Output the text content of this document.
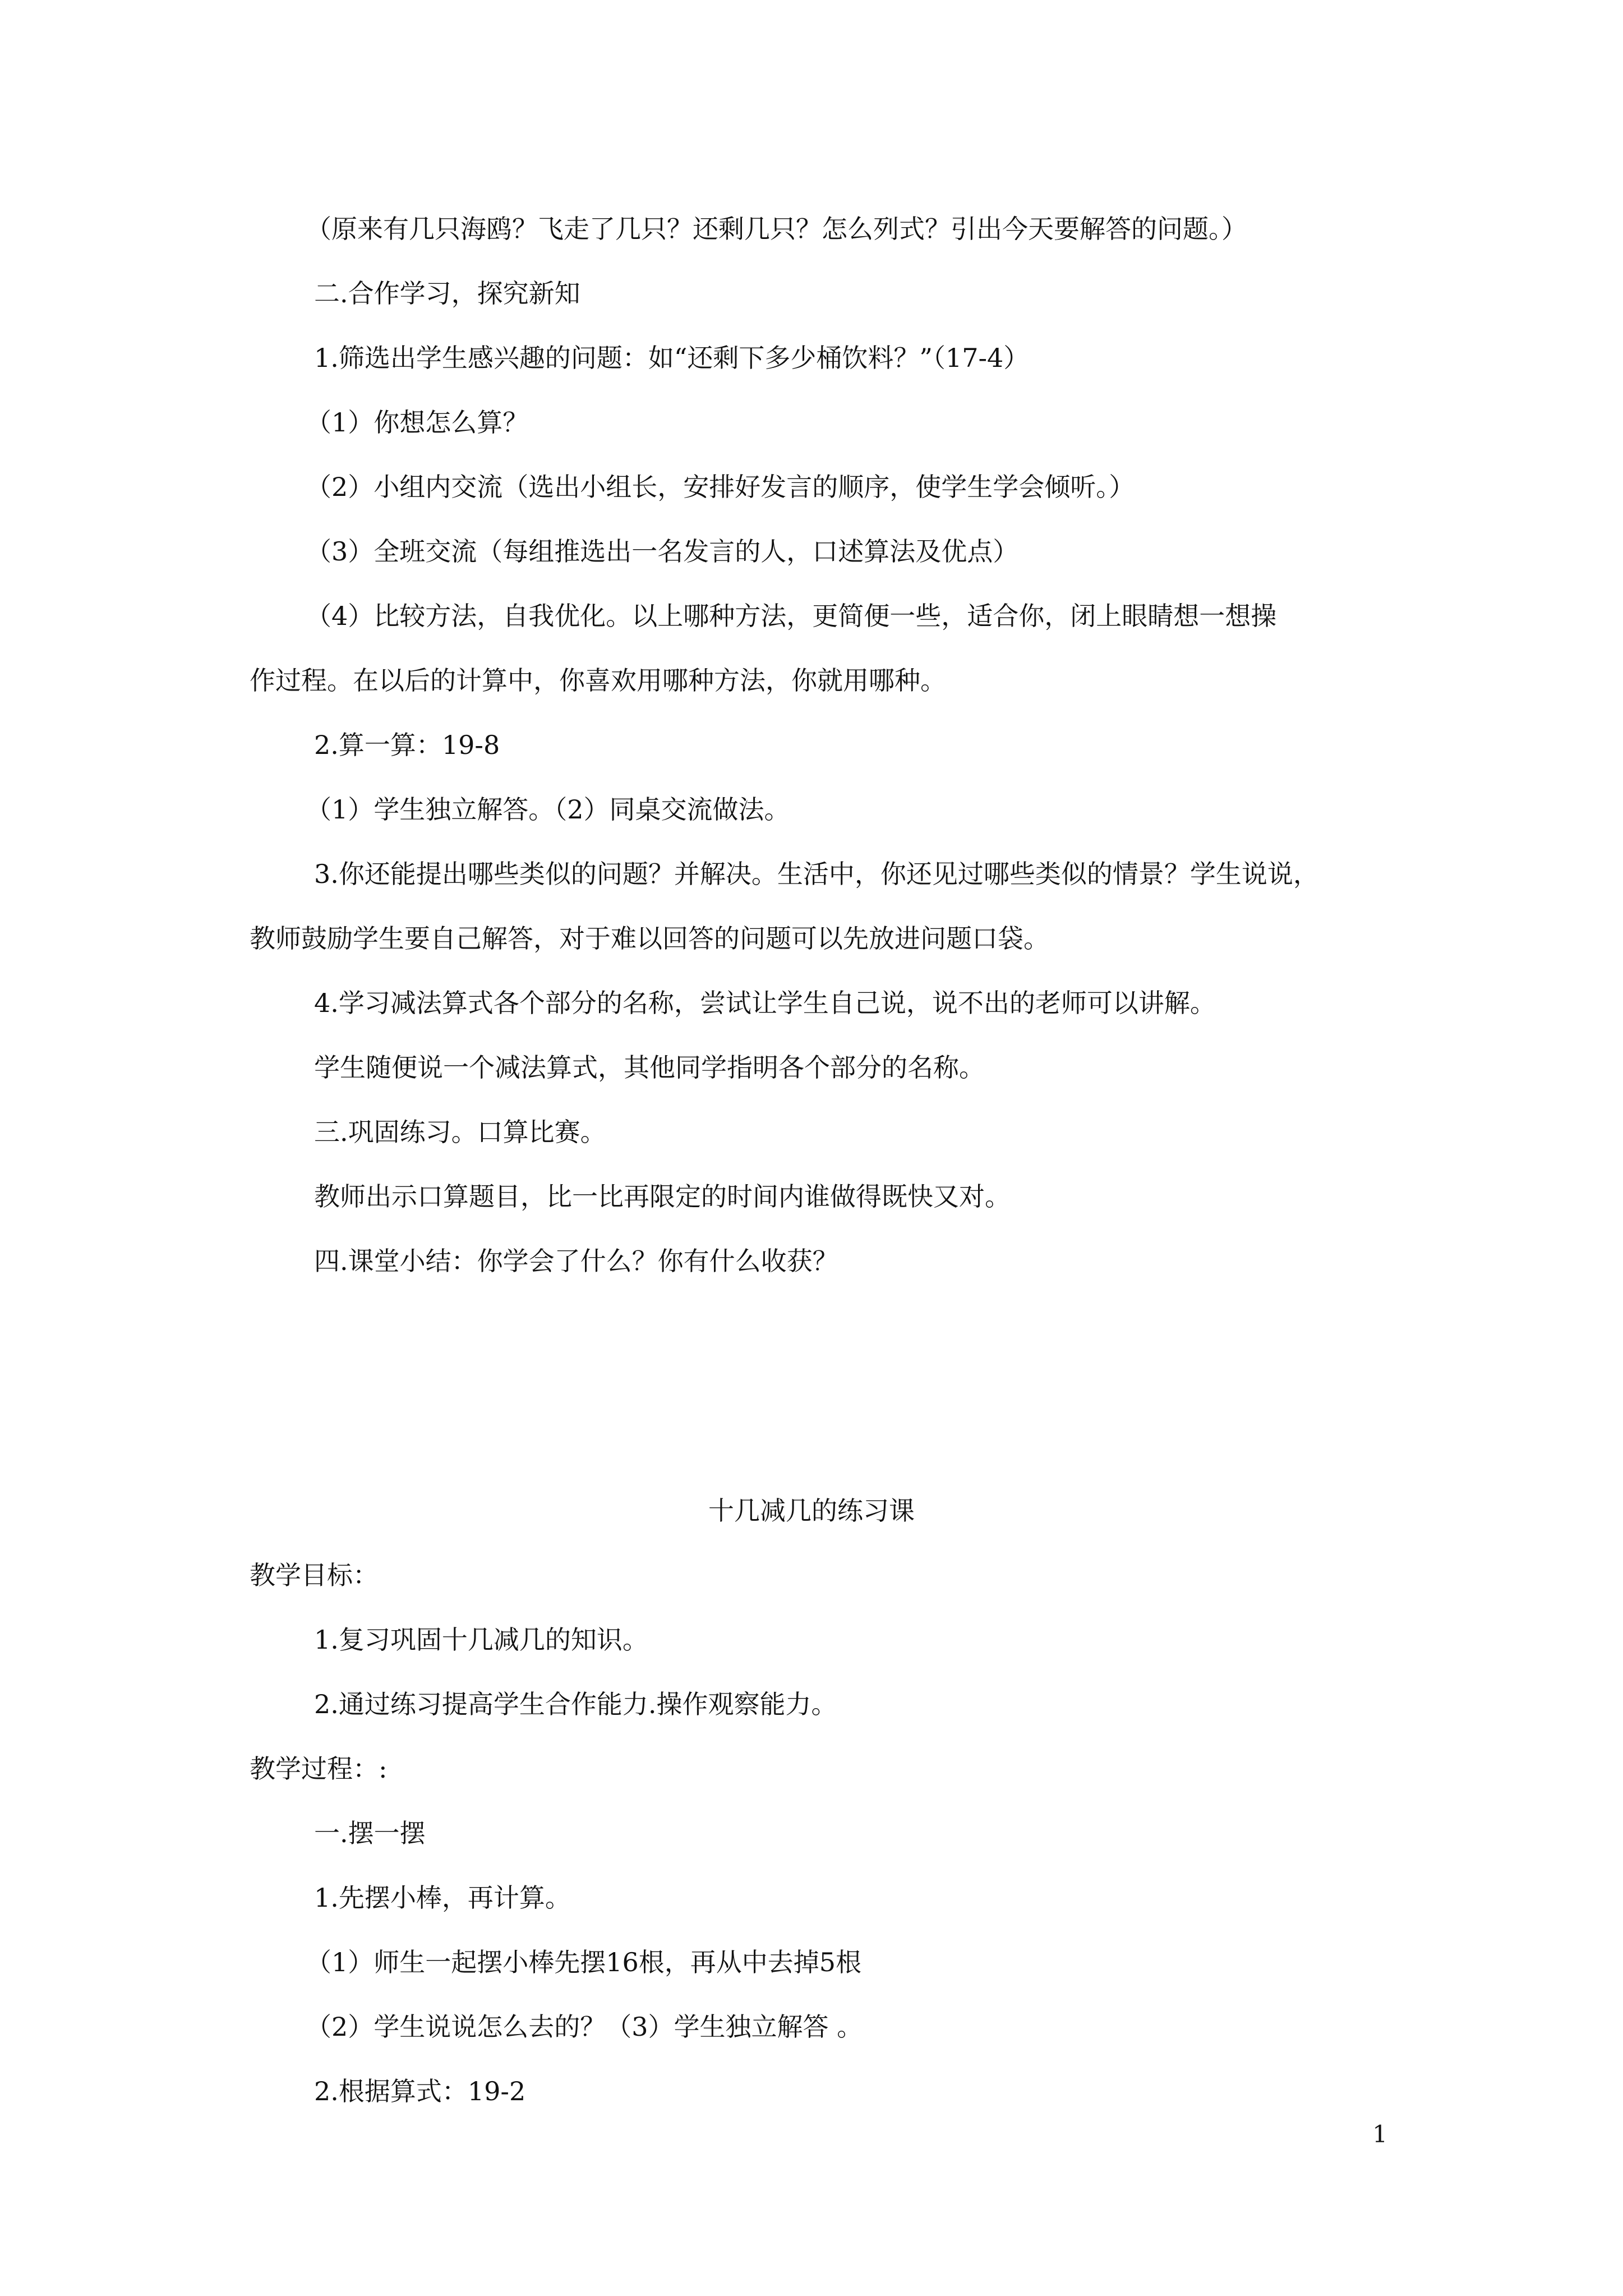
（原来有几只海鸥？飞走了几只？还剩几只？怎么列式？引出今天要解答的问题。）

二.合作学习，探究新知

1.筛选出学生感兴趣的问题：如“还剩下多少桶饮料？”（17-4）

（1）你想怎么算？

（2）小组内交流（选出小组长，安排好发言的顺序，使学生学会倾听。）

（3）全班交流（每组推选出一名发言的人，口述算法及优点）

（4）比较方法，自我优化。以上哪种方法，更简便一些，适合你，闭上眼睛想一想操

作过程。在以后的计算中，你喜欢用哪种方法，你就用哪种。

2.算一算：19-8

（1）学生独立解答。（2）同桌交流做法。

3.你还能提出哪些类似的问题？并解决。生活中，你还见过哪些类似的情景？学生说说，

教师鼓励学生要自己解答，对于难以回答的问题可以先放进问题口袋。

4.学习减法算式各个部分的名称，尝试让学生自己说，说不出的老师可以讲解。

学生随便说一个减法算式，其他同学指明各个部分的名称。

三.巩固练习。口算比赛。

教师出示口算题目，比一比再限定的时间内谁做得既快又对。

四.课堂小结：你学会了什么？你有什么收获？

十几减几的练习课

教学目标：

1.复习巩固十几减几的知识。

2.通过练习提高学生合作能力.操作观察能力。

教学过程：:

一.摆一摆

1.先摆小棒，再计算。

（1）师生一起摆小棒先摆16根，再从中去掉5根

（2）学生说说怎么去的？（3）学生独立解答 。

2.根据算式：19-2

1
